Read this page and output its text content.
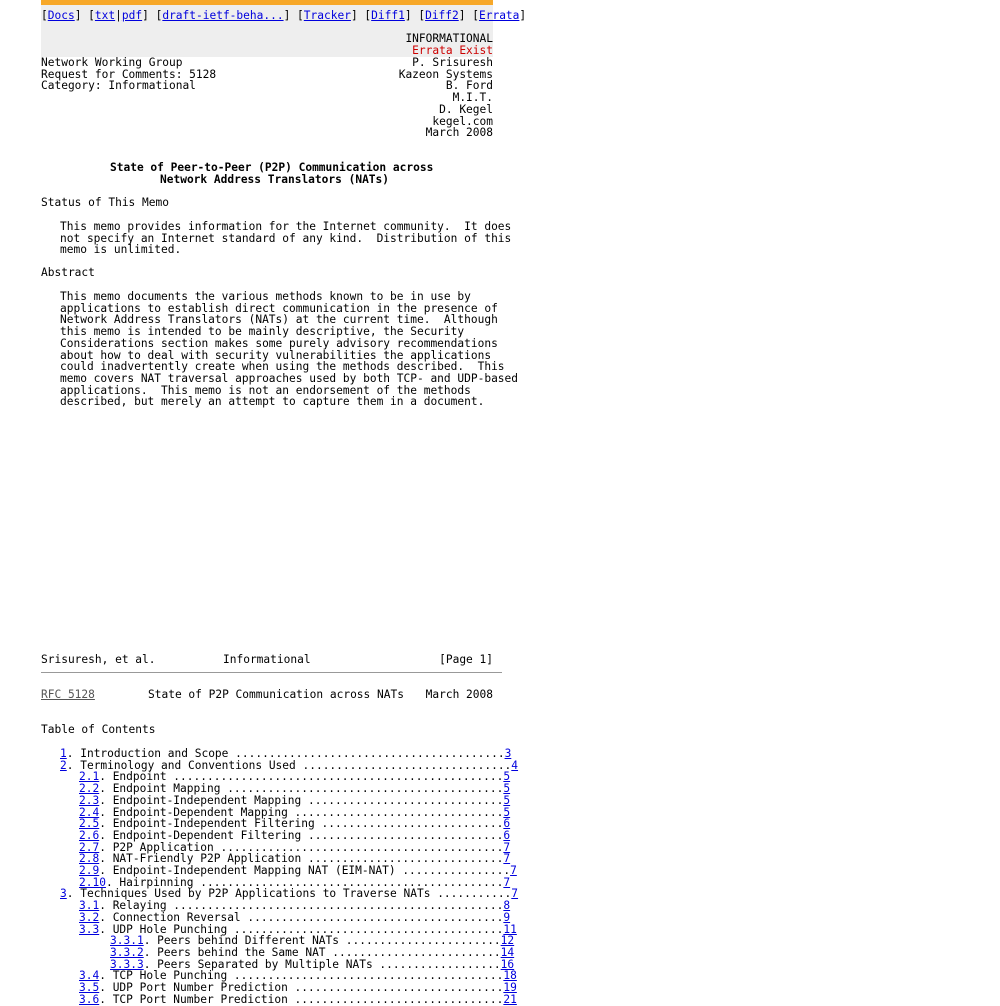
[Docs] [txt|pdf] [draft-ietf-beha...] [Tracker] [Diff1] [Diff2] [Errata]
INFORMATIONAL
Errata Exist
Network Working Group
Request for Comments: 5128
Category: Informational
P. Srisuresh
Kazeon Systems
B. Ford
M.I.T.
D. Kegel
kegel.com
March 2008
State of Peer-to-Peer (P2P) Communication across
Network Address Translators (NATs)
Status of This Memo
This memo provides information for the Internet community.  It does
not specify an Internet standard of any kind.  Distribution of this
memo is unlimited.
Abstract
This memo documents the various methods known to be in use by
applications to establish direct communication in the presence of
Network Address Translators (NATs) at the current time.  Although
this memo is intended to be mainly descriptive, the Security
Considerations section makes some purely advisory recommendations
about how to deal with security vulnerabilities the applications
could inadvertently create when using the methods described.  This
memo covers NAT traversal approaches used by both TCP- and UDP-based
applications.  This memo is not an endorsement of the methods
described, but merely an attempt to capture them in a document.
Srisuresh, et al.	Informational	[Page 1]
RFC 5128	State of P2P Communication across NATs March 2008
Table of Contents
1. Introduction and Scope ........................................3
2. Terminology and Conventions Used ...............................4
2.1. Endpoint .................................................5
2.2. Endpoint Mapping .........................................5
2.3. Endpoint-Independent Mapping .............................5
2.4. Endpoint-Dependent Mapping ...............................5
2.5. Endpoint-Independent Filtering ...........................6
2.6. Endpoint-Dependent Filtering .............................6
2.7. P2P Application ..........................................7
2.8. NAT-Friendly P2P Application .............................7
2.9. Endpoint-Independent Mapping NAT (EIM-NAT) ................7
2.10. Hairpinning .............................................7
3. Techniques Used by P2P Applications to Traverse NATs ...........7
3.1. Relaying .................................................8
3.2. Connection Reversal ......................................9
3.3. UDP Hole Punching ........................................11
3.3.1. Peers behind Different NATs .......................12
3.3.2. Peers behind the Same NAT .........................14
3.3.3. Peers Separated by Multiple NATs ..................16
3.4. TCP Hole Punching ........................................18
3.5. UDP Port Number Prediction ...............................19
3.6. TCP Port Number Prediction ...............................21
